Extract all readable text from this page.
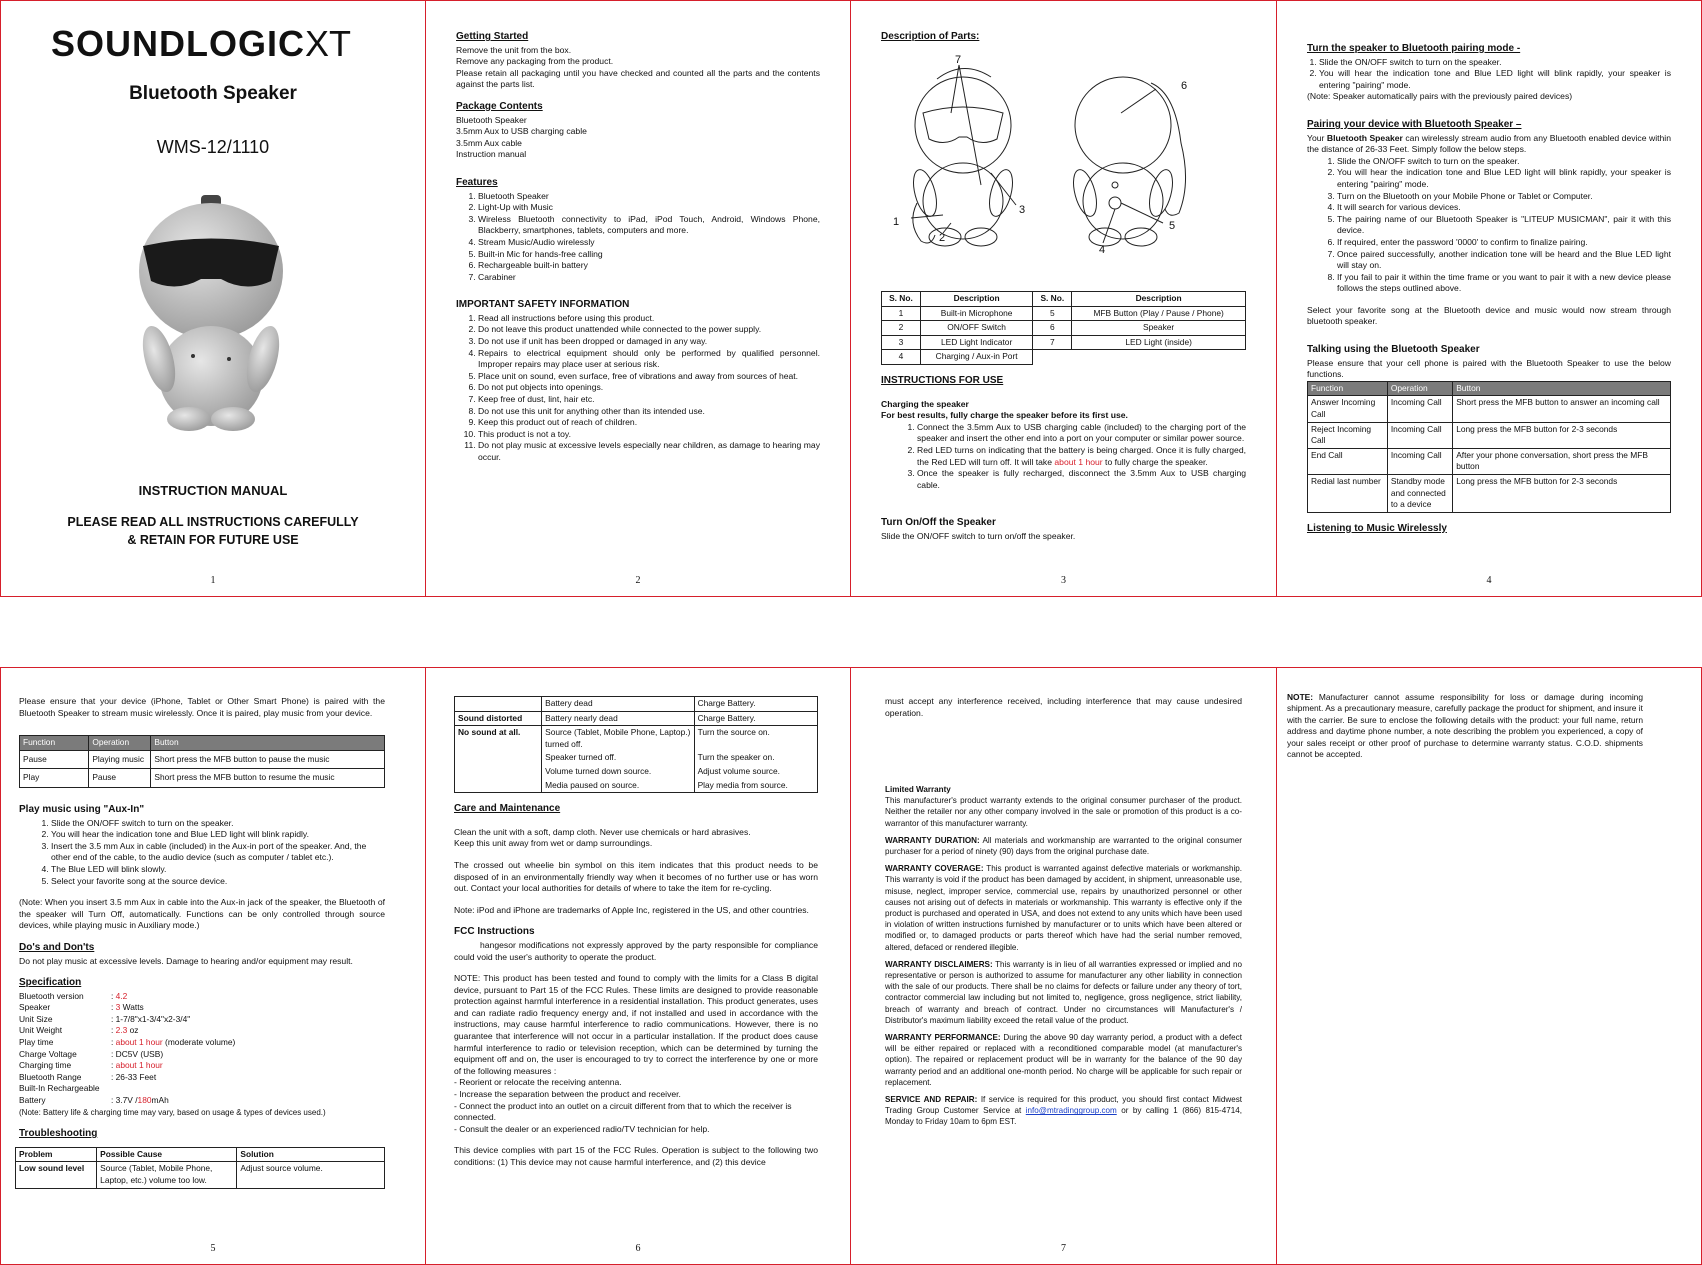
SOUNDLOGICXT
Bluetooth Speaker
WMS-12/1110
INSTRUCTION MANUAL
PLEASE READ ALL INSTRUCTIONS CAREFULLY
& RETAIN FOR FUTURE USE
1
Getting Started
Remove the unit from the box.
Remove any packaging from the product.
Please retain all packaging until you have checked and counted all the parts and the contents against the parts list.
Package Contents
Bluetooth Speaker
3.5mm Aux to USB charging cable
3.5mm Aux cable
Instruction manual
Features
1. Bluetooth Speaker
2. Light-Up with Music
3. Wireless Bluetooth connectivity to iPad, iPod Touch, Android, Windows Phone, Blackberry, smartphones, tablets, computers and more.
4. Stream Music/Audio wirelessly
5. Built-in Mic for hands-free calling
6. Rechargeable built-in battery
7. Carabiner
IMPORTANT SAFETY INFORMATION
1. Read all instructions before using this product.
2. Do not leave this product unattended while connected to the power supply.
3. Do not use if unit has been dropped or damaged in any way.
4. Repairs to electrical equipment should only be performed by qualified personnel. Improper repairs may place user at serious risk.
5. Place unit on sound, even surface, free of vibrations and away from sources of heat.
6. Do not put objects into openings.
7. Keep free of dust, lint, hair etc.
8. Do not use this unit for anything other than its intended use.
9. Keep this product out of reach of children.
10. This product is not a toy.
11. Do not play music at excessive levels especially near children, as damage to hearing may occur.
2
Description of Parts:
7
6
1
2
3
4
5
S. No.	Description	S. No.	Description
1	Built-in Microphone	5	MFB Button (Play / Pause / Phone)
2	ON/OFF Switch	6	Speaker
3	LED Light Indicator	7	LED Light (inside)
4	Charging / Aux-in Port		
INSTRUCTIONS FOR USE
Charging the speaker
For best results, fully charge the speaker before its first use.
1. Connect the 3.5mm Aux to USB charging cable (included) to the charging port of the speaker and insert the other end into a port on your computer or similar power source.
2. Red LED turns on indicating that the battery is being charged. Once it is fully charged, the Red LED will turn off. It will take about 1 hour to fully charge the speaker.
3. Once the speaker is fully recharged, disconnect the 3.5mm Aux to USB charging cable.
Turn On/Off the Speaker
Slide the ON/OFF switch to turn on/off the speaker.
3
Turn the speaker to Bluetooth pairing mode -
1. Slide the ON/OFF switch to turn on the speaker.
2. You will hear the indication tone and Blue LED light will blink rapidly, your speaker is entering "pairing" mode.
(Note: Speaker automatically pairs with the previously paired devices)
Pairing your device with Bluetooth Speaker –
Your Bluetooth Speaker can wirelessly stream audio from any Bluetooth enabled device within the distance of 26-33 Feet. Simply follow the below steps.
1. Slide the ON/OFF switch to turn on the speaker.
2. You will hear the indication tone and Blue LED light will blink rapidly, your speaker is entering "pairing" mode.
3. Turn on the Bluetooth on your Mobile Phone or Tablet or Computer.
4. It will search for various devices.
5. The pairing name of our Bluetooth Speaker is "LITEUP MUSICMAN", pair it with this device.
6. If required, enter the password '0000' to confirm to finalize pairing.
7. Once paired successfully, another indication tone will be heard and the Blue LED light will stay on.
8. If you fail to pair it within the time frame or you want to pair it with a new device please follows the steps outlined above.
Select your favorite song at the Bluetooth device and music would now stream through bluetooth speaker.
Talking using the Bluetooth Speaker
Please ensure that your cell phone is paired with the Bluetooth Speaker to use the below functions.
Function	Operation	Button
Answer Incoming Call	Incoming Call	Short press the MFB button to answer an incoming call
Reject Incoming Call	Incoming Call	Long press the MFB button for 2-3 seconds
End Call	Incoming Call	After your phone conversation, short press the MFB button
Redial last number	Standby mode and connected to a device	Long press the MFB button for 2-3 seconds
Listening to Music Wirelessly
4
Please ensure that your device (iPhone, Tablet or Other Smart Phone) is paired with the Bluetooth Speaker to stream music wirelessly. Once it is paired, play music from your device.
Function	Operation	Button
Pause	Playing music	Short press the MFB button to pause the music
Play	Pause	Short press the MFB button to resume the music
Play music using "Aux-In"
1. Slide the ON/OFF switch to turn on the speaker.
2. You will hear the indication tone and Blue LED light will blink rapidly.
3. Insert the 3.5 mm Aux in cable (included) in the Aux-in port of the speaker. And, the other end of the cable, to the audio device (such as computer / tablet etc.).
4. The Blue LED will blink slowly.
5. Select your favorite song at the source device.
(Note: When you insert 3.5 mm Aux in cable into the Aux-in jack of the speaker, the Bluetooth of the speaker will Turn Off, automatically. Functions can be only controlled through source devices, while playing music in Auxiliary mode.)
Do's and Don'ts
Do not play music at excessive levels. Damage to hearing and/or equipment may result.
Specification
Bluetooth version	: 4.2
Speaker	: 3 Watts
Unit Size	: 1-7/8"x1-3/4"x2-3/4"
Unit Weight	: 2.3 oz
Play time	: about 1 hour (moderate volume)
Charge Voltage	: DC5V (USB)
Charging time	: about 1 hour
Bluetooth Range	: 26-33 Feet
Built-In Rechargeable	
Battery	: 3.7V /180mAh
(Note: Battery life & charging time may vary, based on usage & types of devices used.)
Troubleshooting
Problem	Possible Cause	Solution
Low sound level	Source (Tablet, Mobile Phone, Laptop, etc.) volume too low.	Adjust source volume.
5
	Battery dead	Charge Battery.
Sound distorted	Battery nearly dead	Charge Battery.
No sound at all.	Source (Tablet, Mobile Phone, Laptop.) turned off.	Turn the source on.
	Speaker turned off.	Turn the speaker on.
	Volume turned down source.	Adjust volume source.
	Media paused on source.	Play media from source.
Care and Maintenance
Clean the unit with a soft, damp cloth. Never use chemicals or hard abrasives.
Keep this unit away from wet or damp surroundings.
The crossed out wheelie bin symbol on this item indicates that this product needs to be disposed of in an environmentally friendly way when it becomes of no further use or has worn out. Contact your local authorities for details of where to take the item for re-cycling.
Note: iPod and iPhone are trademarks of Apple Inc, registered in the US, and other countries.
FCC Instructions
hangesor modifications not expressly approved by the party responsible for compliance could void the user's authority to operate the product.
NOTE: This product has been tested and found to comply with the limits for a Class B digital device, pursuant to Part 15 of the FCC Rules. These limits are designed to provide reasonable protection against harmful interference in a residential installation. This product generates, uses and can radiate radio frequency energy and, if not installed and used in accordance with the instructions, may cause harmful interference to radio communications. However, there is no guarantee that interference will not occur in a particular installation. If the product does cause harmful interference to radio or television reception, which can be determined by turning the equipment off and on, the user is encouraged to try to correct the interference by one or more of the following measures :
- Reorient or relocate the receiving antenna.
- Increase the separation between the product and receiver.
- Connect the product into an outlet on a circuit different from that to which the receiver is connected.
- Consult the dealer or an experienced radio/TV technician for help.
This device complies with part 15 of the FCC Rules. Operation is subject to the following two conditions: (1) This device may not cause harmful interference, and (2) this device
6
must accept any interference received, including interference that may cause undesired operation.
Limited Warranty
This manufacturer's product warranty extends to the original consumer purchaser of the product. Neither the retailer nor any other company involved in the sale or promotion of this product is a co-warrantor of this manufacturer warranty.
WARRANTY DURATION: All materials and workmanship are warranted to the original consumer purchaser for a period of ninety (90) days from the original purchase date.
WARRANTY COVERAGE: This product is warranted against defective materials or workmanship. This warranty is void if the product has been damaged by accident, in shipment, unreasonable use, misuse, neglect, improper service, commercial use, repairs by unauthorized personnel or other causes not arising out of defects in materials or workmanship. This warranty is effective only if the product is purchased and operated in USA, and does not extend to any units which have been used in violation of written instructions furnished by manufacturer or to units which have been altered or modified or, to damaged products or parts thereof which have had the serial number removed, altered, defaced or rendered illegible.
WARRANTY DISCLAIMERS: This warranty is in lieu of all warranties expressed or implied and no representative or person is authorized to assume for manufacturer any other liability in connection with the sale of our products. There shall be no claims for defects or failure under any theory of tort, contractor commercial law including but not limited to, negligence, gross negligence, strict liability, breach of warranty and breach of contract. Under no circumstances will Manufacturer's / Distributor's maximum liability exceed the retail value of the product.
WARRANTY PERFORMANCE: During the above 90 day warranty period, a product with a defect will be either repaired or replaced with a reconditioned comparable model (at manufacturer's option). The repaired or replacement product will be in warranty for the balance of the 90 day warranty period and an additional one-month period. No charge will be applicable for such repair or replacement.
SERVICE AND REPAIR: If service is required for this product, you should first contact Midwest Trading Group Customer Service at info@mtradinggroup.com or by calling 1 (866) 815-4714, Monday to Friday 10am to 6pm EST.
7
NOTE: Manufacturer cannot assume responsibility for loss or damage during incoming shipment. As a precautionary measure, carefully package the product for shipment, and insure it with the carrier. Be sure to enclose the following details with the product: your full name, return address and daytime phone number, a note describing the problem you experienced, a copy of your sales receipt or other proof of purchase to determine warranty status. C.O.D. shipments cannot be accepted.
